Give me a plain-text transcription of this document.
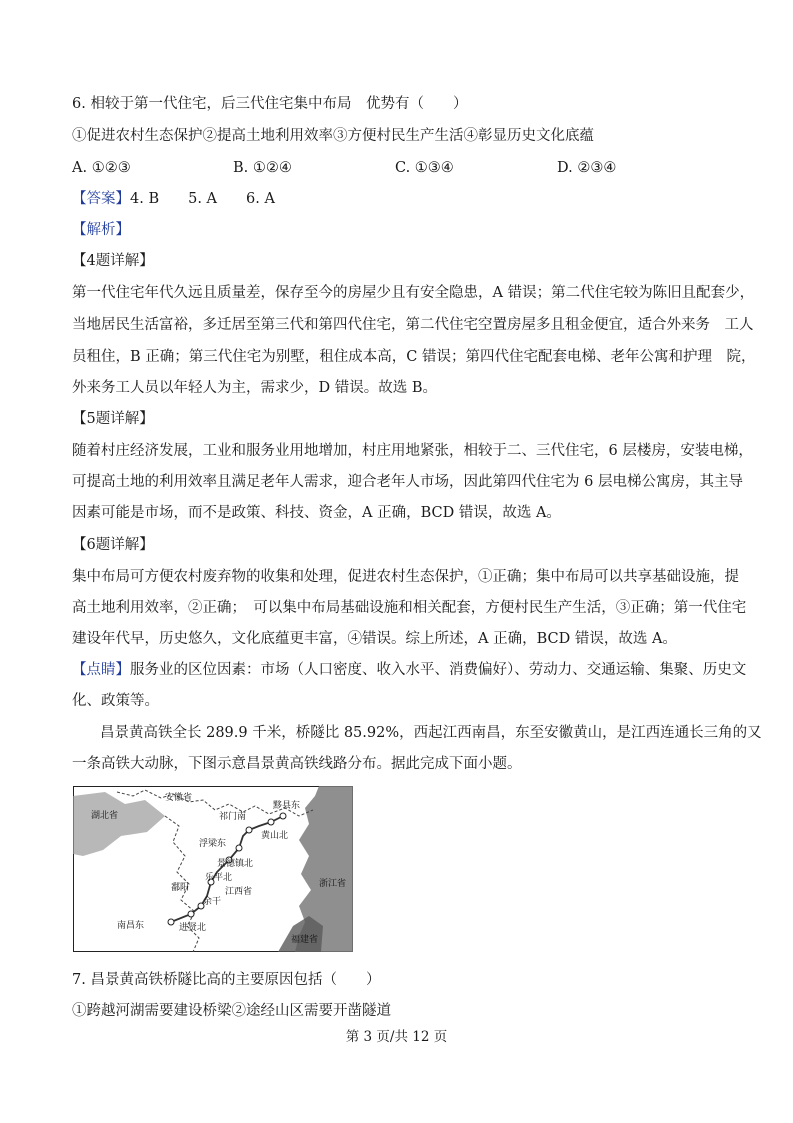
6. 相较于第一代住宅，后三代住宅集中布局　优势有（　　）
①促进农村生态保护②提高土地利用效率③方便村民生产生活④彰显历史文化底蕴
A. ①②③	B. ①②④	C. ①③④	D. ②③④
【答案】4. B　　5. A　　6. A
【解析】
【4题详解】
第一代住宅年代久远且质量差，保存至今的房屋少且有安全隐患，A 错误；第二代住宅较为陈旧且配套少，
当地居民生活富裕，多迁居至第三代和第四代住宅，第二代住宅空置房屋多且租金便宜，适合外来务　工人
员租住，B 正确；第三代住宅为别墅，租住成本高，C 错误；第四代住宅配套电梯、老年公寓和护理　院，
外来务工人员以年轻人为主，需求少，D 错误。故选 B。
【5题详解】
随着村庄经济发展，工业和服务业用地增加，村庄用地紧张，相较于二、三代住宅，6 层楼房，安装电梯，
可提高土地的利用效率且满足老年人需求，迎合老年人市场，因此第四代住宅为 6 层电梯公寓房，其主导
因素可能是市场，而不是政策、科技、资金，A 正确，BCD 错误，故选 A。
【6题详解】
集中布局可方便农村废弃物的收集和处理，促进农村生态保护，①正确；集中布局可以共享基础设施，提
高土地利用效率，②正确；　可以集中布局基础设施和相关配套，方便村民生产生活，③正确；第一代住宅
建设年代早，历史悠久，文化底蕴更丰富，④错误。综上所述，A 正确，BCD 错误，故选 A。
【点睛】服务业的区位因素：市场（人口密度、收入水平、消费偏好）、劳动力、交通运输、集聚、历史文
化、政策等。
昌景黄高铁全长 289.9 千米，桥隧比 85.92%，西起江西南昌，东至安徽黄山，是江西连通长三角的又
一条高铁大动脉，下图示意昌景黄高铁线路分布。据此完成下面小题。
安徽省
湖北省
江西省
浙江省
福建省
黟县东
祁门南
黄山北
浮梁东
景德镇北
乐平北
鄱阳
余干
进贤北
南昌东
7. 昌景黄高铁桥隧比高的主要原因包括（　　）
①跨越河湖需要建设桥梁②途经山区需要开凿隧道
第 3 页/共 12 页
